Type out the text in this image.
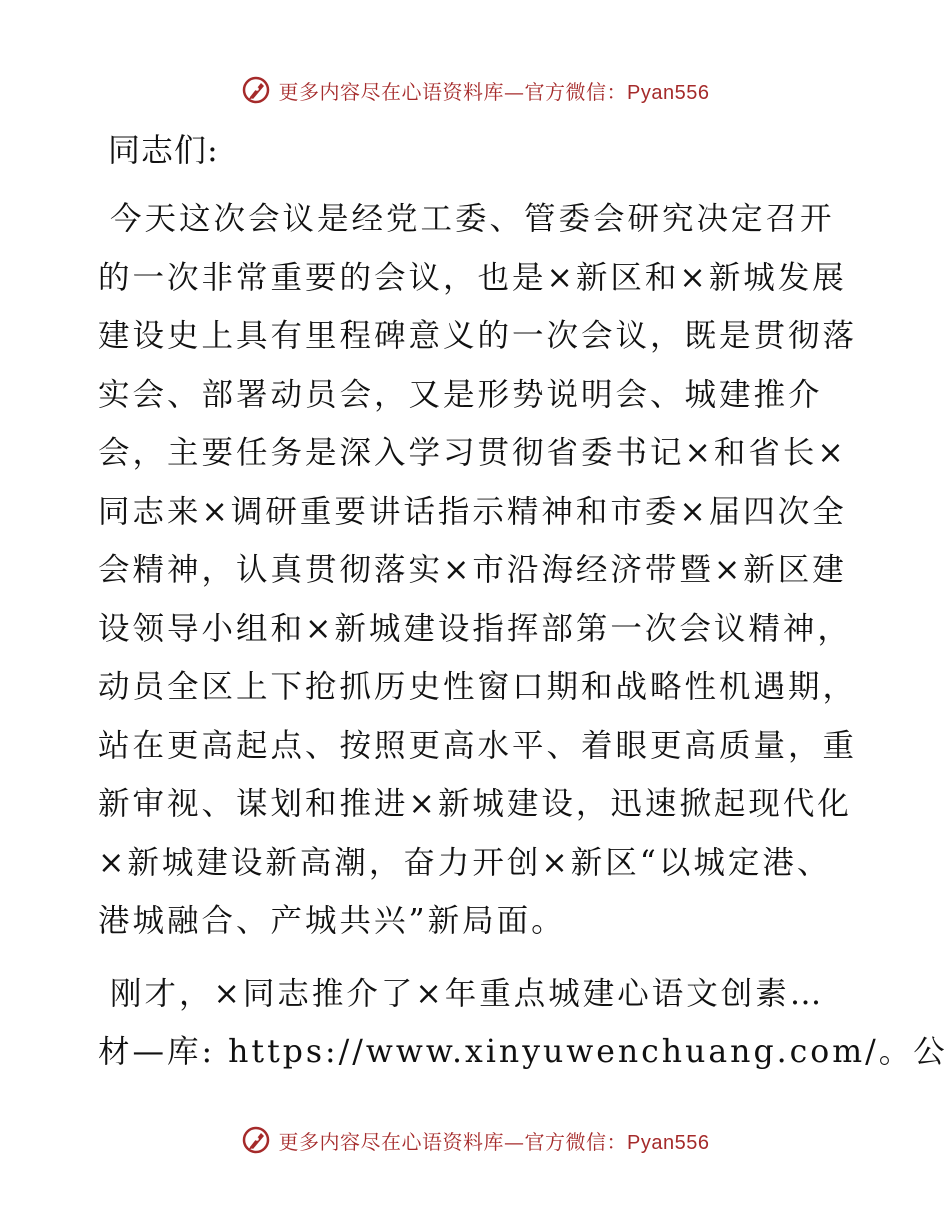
更多内容尽在心语资料库—官方微信：Pyan556
同志们:
今天这次会议是经党工委、管委会研究决定召开
的一次非常重要的会议，也是×新区和×新城发展
建设史上具有里程碑意义的一次会议，既是贯彻落
实会、部署动员会，又是形势说明会、城建推介
会，主要任务是深入学习贯彻省委书记×和省长×
同志来×调研重要讲话指示精神和市委×届四次全
会精神，认真贯彻落实×市沿海经济带暨×新区建
设领导小组和×新城建设指挥部第一次会议精神，
动员全区上下抢抓历史性窗口期和战略性机遇期，
站在更高起点、按照更高水平、着眼更高质量，重
新审视、谋划和推进×新城建设，迅速掀起现代化
×新城建设新高潮，奋力开创×新区“以城定港、
港城融合、产城共兴”新局面。
刚才，×同志推介了×年重点城建心语文创素…
材—库: https://www.xinyuwenchuang.com/。公
更多内容尽在心语资料库—官方微信：Pyan556
